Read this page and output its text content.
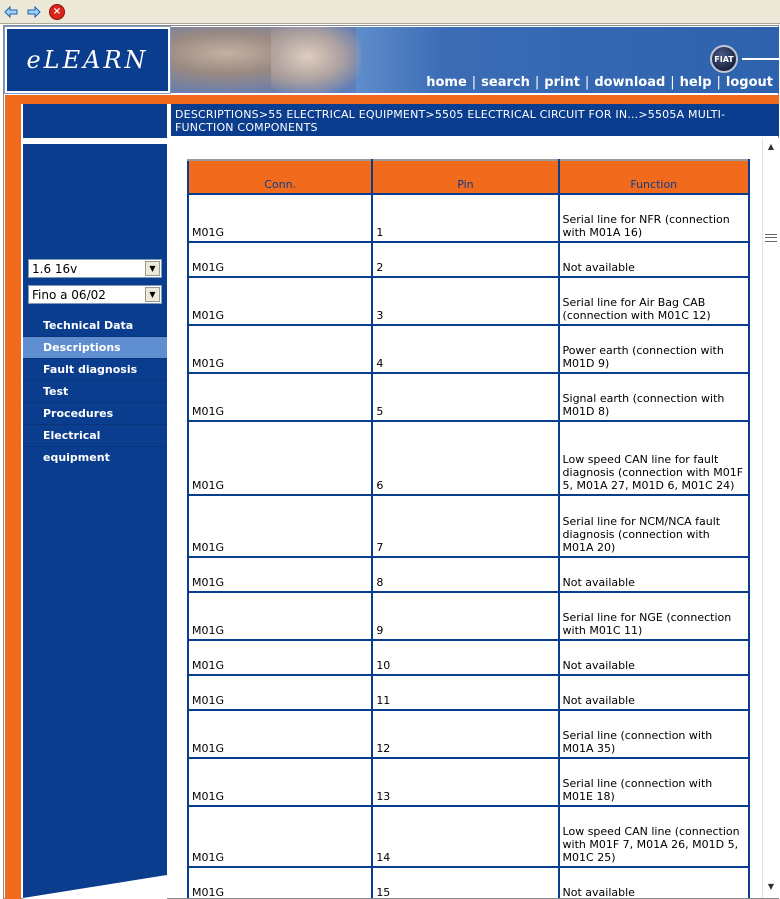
×
eLEARN	FIAT
home | search | print | download | help | logout
1.6 16v	▼
Fino a 06/02	▼
Technical Data
Descriptions
Fault diagnosis
Test
Procedures
Electrical equipment
DESCRIPTIONS>55 ELECTRICAL EQUIPMENT>5505 ELECTRICAL CIRCUIT FOR IN...>5505A MULTI-FUNCTION COMPONENTS
Conn.	Pin	Function
M01G	1	Serial line for NFR (connection with M01A 16)
M01G	2	Not available
M01G	3	Serial line for Air Bag CAB (connection with M01C 12)
M01G	4	Power earth (connection with M01D 9)
M01G	5	Signal earth (connection with M01D 8)
M01G	6	Low speed CAN line for fault diagnosis (connection with M01F 5, M01A 27, M01D 6, M01C 24)
M01G	7	Serial line for NCM/NCA fault diagnosis (connection with M01A 20)
M01G	8	Not available
M01G	9	Serial line for NGE (connection with M01C 11)
M01G	10	Not available
M01G	11	Not available
M01G	12	Serial line (connection with M01A 35)
M01G	13	Serial line (connection with M01E 18)
M01G	14	Low speed CAN line (connection with M01F 7, M01A 26, M01D 5, M01C 25)
M01G	15	Not available
▲
▼
